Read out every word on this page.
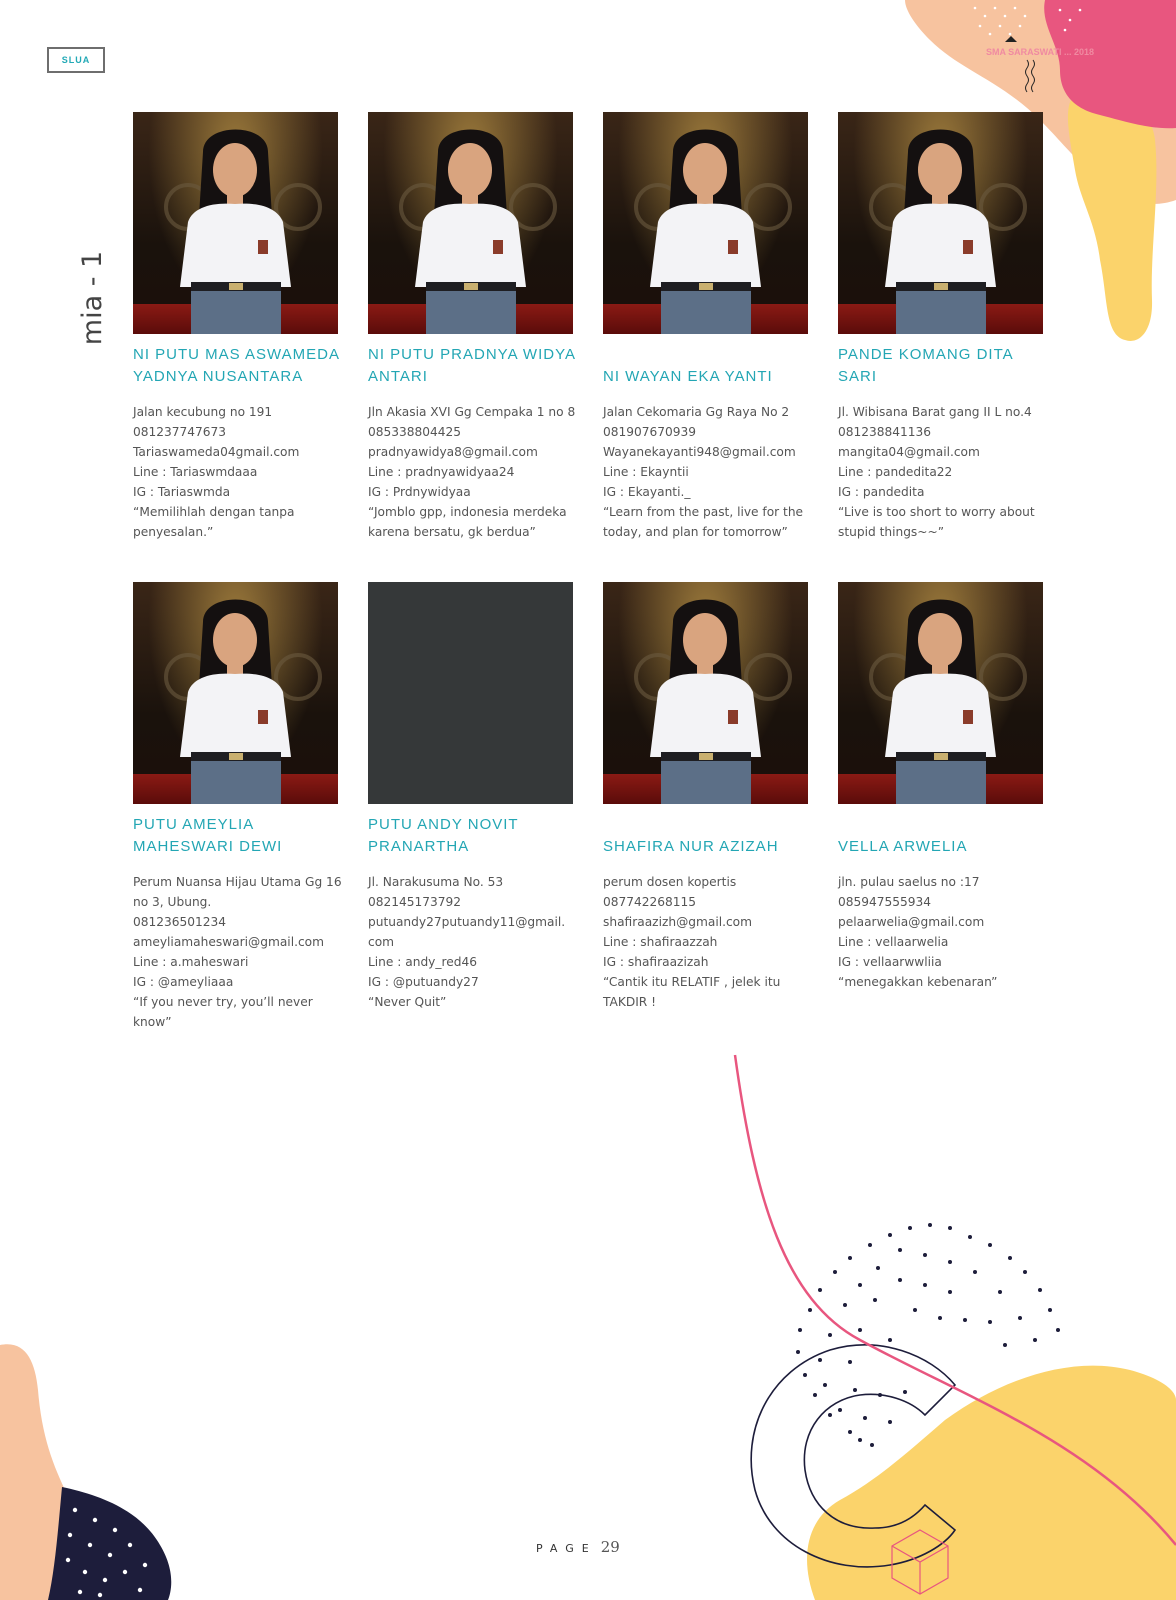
SLUA
SMA SARASWATI ... 2018
mia - 1
NI PUTU MAS ASWAMEDA YADNYA NUSANTARA
Jalan kecubung no 191
081237747673
Tariaswameda04gmail.com
Line : Tariaswmdaaa
IG : Tariaswmda
“Memilihlah dengan tanpa penyesalan.”
NI PUTU PRADNYA WIDYA ANTARI
Jln Akasia XVI Gg Cempaka 1 no 8
085338804425
pradnyawidya8@gmail.com
Line : pradnyawidyaa24
IG : Prdnywidyaa
“Jomblo gpp, indonesia merdeka karena bersatu, gk berdua”
NI WAYAN EKA YANTI
Jalan Cekomaria Gg Raya No 2
081907670939
Wayanekayanti948@gmail.com
Line : Ekayntii
IG : Ekayanti._
“Learn from the past, live for the today, and plan for tomorrow”
PANDE KOMANG DITA SARI
Jl. Wibisana Barat gang II L no.4
081238841136
mangita04@gmail.com
Line : pandedita22
IG : pandedita
“Live is too short to worry about stupid things~~”
PUTU AMEYLIA MAHESWARI DEWI
Perum Nuansa Hijau Utama Gg 16 no 3, Ubung.
081236501234
ameyliamaheswari@gmail.com
Line : a.maheswari
IG : @ameyliaaa
“If you never try, you’ll never know”
PUTU ANDY NOVIT PRANARTHA
Jl. Narakusuma No. 53
082145173792
putuandy27putuandy11@gmail.
com
Line : andy_red46
IG : @putuandy27
“Never Quit”
SHAFIRA NUR AZIZAH
perum dosen kopertis
087742268115
shafiraazizh@gmail.com
Line : shafiraazzah
IG : shafiraazizah
“Cantik itu RELATIF , jelek itu TAKDIR !
VELLA ARWELIA
jln. pulau saelus no :17
085947555934
pelaarwelia@gmail.com
Line : vellaarwelia
IG : vellaarwwliia
“menegakkan kebenaran”
PAGE 29
